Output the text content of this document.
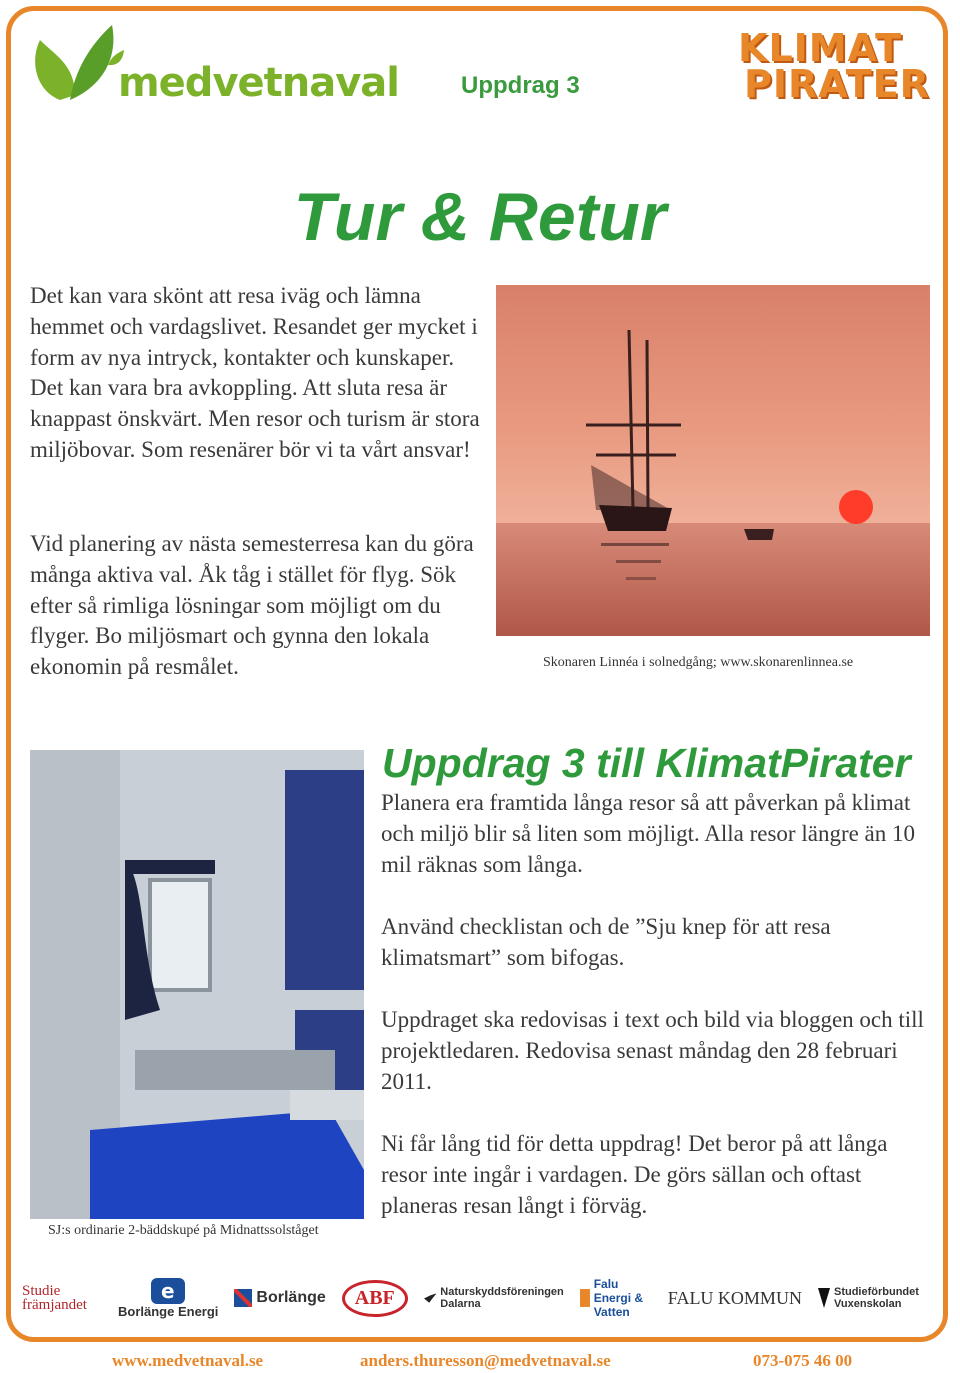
medvetnaval	Uppdrag 3
KLIMAT
PIRATER
Tur & Retur

Det kan vara skönt att resa iväg och lämna hemmet och vardagslivet. Resandet ger mycket i form av nya intryck, kontakter och kunskaper. Det kan vara bra avkoppling. Att sluta resa är knappast önskvärt. Men resor och turism är stora miljöbovar. Som resenärer bör vi ta vårt ansvar!

Vid planering av nästa semesterresa kan du göra många aktiva val. Åk tåg i stället för flyg. Sök efter så rimliga lösningar som möjligt om du flyger. Bo miljösmart och gynna den lokala ekonomin på resmålet.	Skonaren Linnéa i solnedgång; www.skonarenlinnea.se
SJ:s ordinarie 2-bäddskupé på Midnattssolståget
Uppdrag 3 till KlimatPirater

Planera era framtida långa resor så att påverkan på klimat och miljö blir så liten som möjligt. Alla resor längre än 10 mil räknas som långa.

Använd checklistan och de ”Sju knep för att resa klimatsmart” som bifogas.

Uppdraget ska redovisas i text och bild via bloggen och till projektledaren. Redovisa senast måndag den 28 februari 2011.

Ni får lång tid för detta uppdrag! Det beror på att långa resor inte ingår i vardagen. De görs sällan och oftast planeras resan långt i förväg.

Studie främjandet
e
Borlänge Energi
Borlänge ABF	Naturskyddsföreningen Dalarna
Falu Energi & Vatten
FALU KOMMUN	Studieförbundet Vuxenskolan
www.medvetnaval.se	anders.thuresson@medvetnaval.se	073-075 46 00
